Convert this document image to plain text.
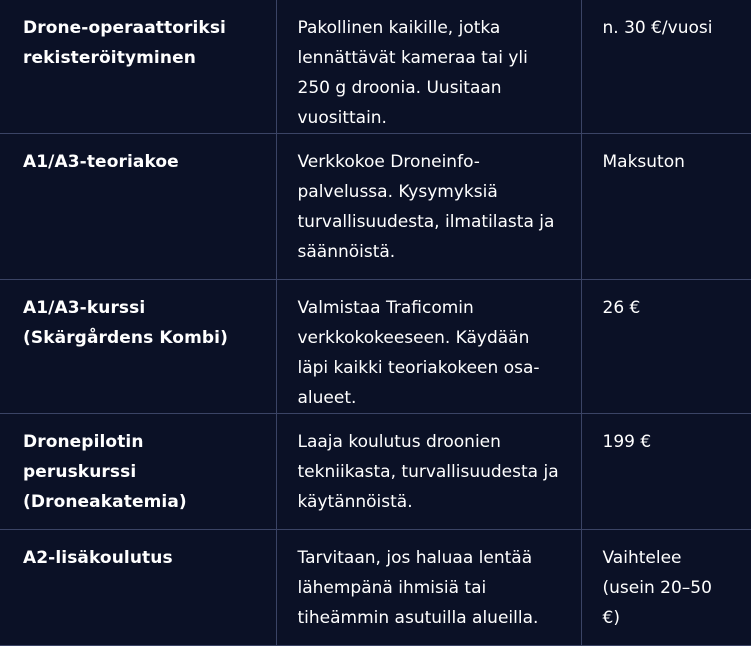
Drone-operaattoriksi rekisteröityminen	Pakollinen kaikille, jotka lennättävät kameraa tai yli 250 g droonia. Uusitaan vuosittain.	n. 30 €/vuosi
A1/A3-teoriakoe	Verkkokoe Droneinfo-palvelussa. Kysymyksiä turvallisuudesta, ilmatilasta ja säännöistä.	Maksuton
A1/A3-kurssi (Skärgårdens Kombi)	Valmistaa Traficomin verkkokokeeseen. Käydään läpi kaikki teoriakokeen osa-alueet.	26 €
Dronepilotin peruskurssi (Droneakatemia)	Laaja koulutus droonien tekniikasta, turvallisuudesta ja käytännöistä.	199 €
A2-lisäkoulutus	Tarvitaan, jos haluaa lentää lähempänä ihmisiä tai tiheämmin asutuilla alueilla.	Vaihtelee (usein 20–50 €)
